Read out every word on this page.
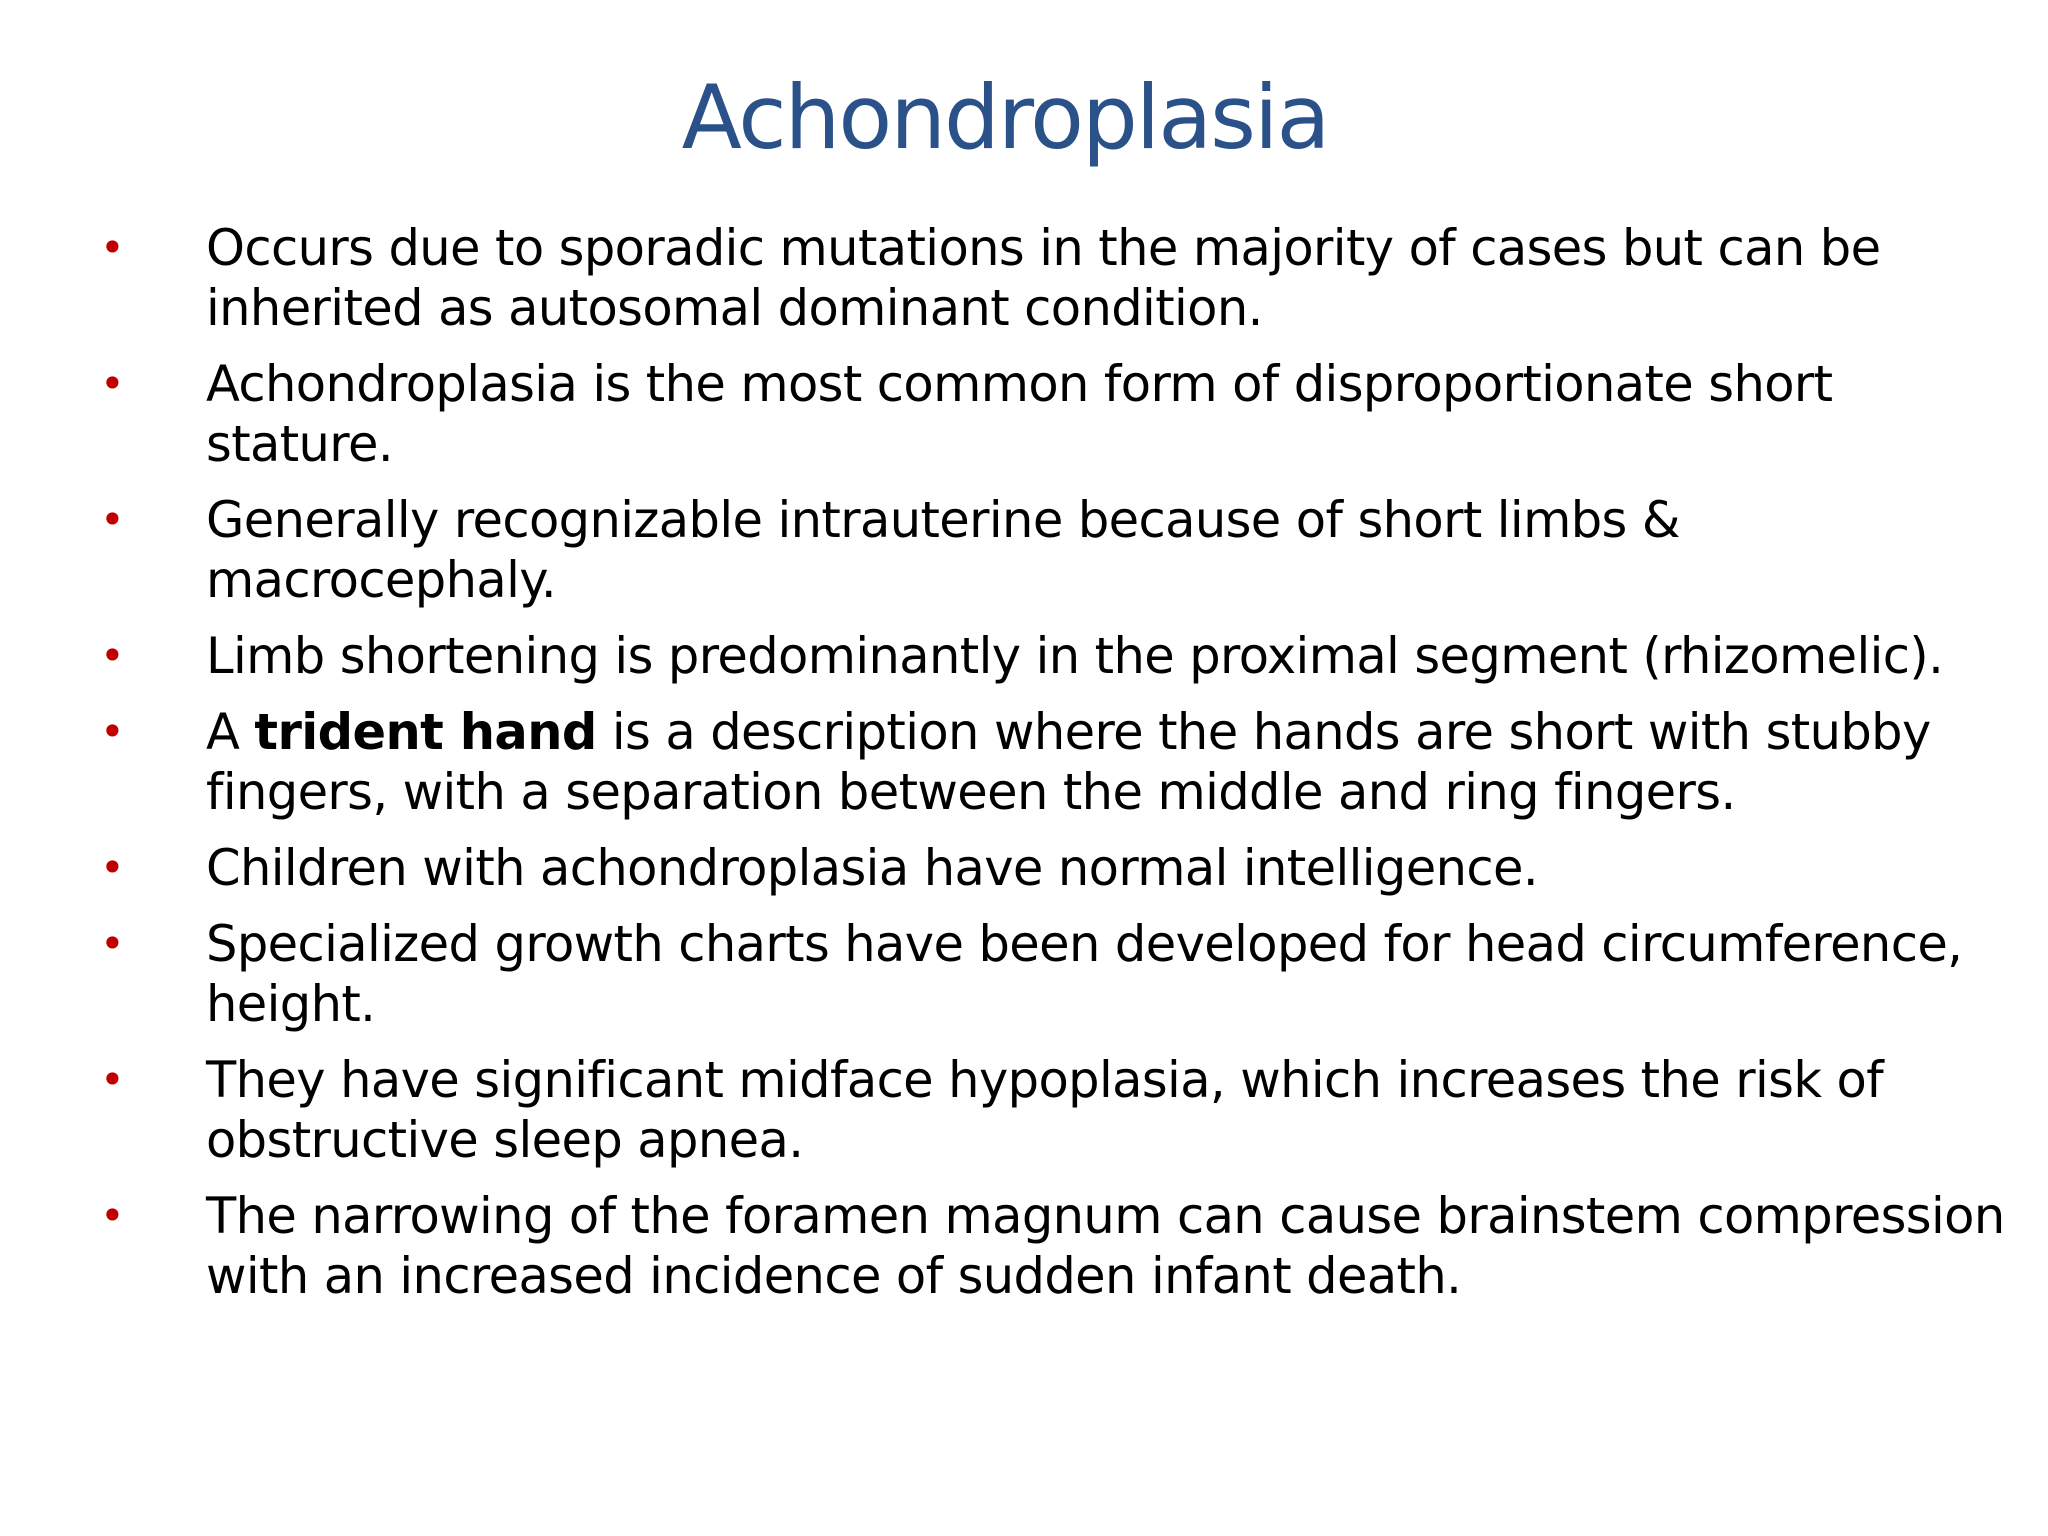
Achondroplasia
• Occurs due to sporadic mutations in the majority of cases but can be inherited as autosomal dominant condition.
• Achondroplasia is the most common form of disproportionate short stature.
• Generally recognizable intrauterine because of short limbs & macrocephaly.
• Limb shortening is predominantly in the proximal segment (rhizomelic).
• A trident hand is a description where the hands are short with stubby fingers, with a separation between the middle and ring fingers.
• Children with achondroplasia have normal intelligence.
• Specialized growth charts have been developed for head circumference, height.
• They have significant midface hypoplasia, which increases the risk of obstructive sleep apnea.
• The narrowing of the foramen magnum can cause brainstem compression with an increased incidence of sudden infant death.
